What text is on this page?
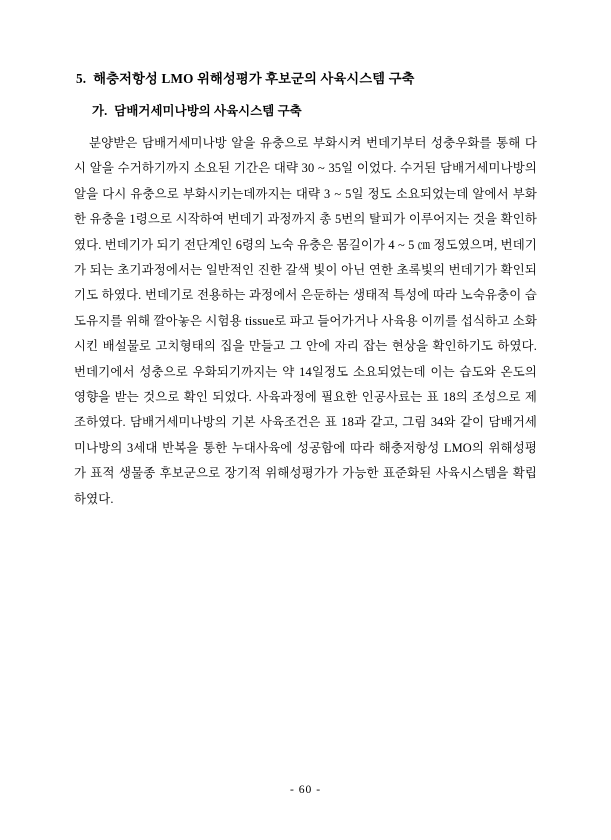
5. 해충저항성 LMO 위해성평가 후보군의 사육시스템 구축
가. 담배거세미나방의 사육시스템 구축

분양받은 담배거세미나방 알을 유충으로 부화시켜 번데기부터 성충우화를 통해 다시 알을 수거하기까지 소요된 기간은 대략 30 ~ 35일 이었다. 수거된 담배거세미나방의 알을 다시 유충으로 부화시키는데까지는 대략 3 ~ 5일 정도 소요되었는데 알에서 부화한 유충을 1령으로 시작하여 번데기 과정까지 총 5번의 탈피가 이루어지는 것을 확인하였다. 번데기가 되기 전단계인 6령의 노숙 유충은 몸길이가 4 ~ 5 ㎝ 정도였으며, 번데기가 되는 초기과정에서는 일반적인 진한 갈색 빛이 아닌 연한 초록빛의 번데기가 확인되기도 하였다. 번데기로 전용하는 과정에서 은둔하는 생태적 특성에 따라 노숙유충이 습도유지를 위해 깔아놓은 시험용 tissue로 파고 들어가거나 사육용 이끼를 섭식하고 소화시킨 배설물로 고치형태의 집을 만들고 그 안에 자리 잡는 현상을 확인하기도 하였다. 번데기에서 성충으로 우화되기까지는 약 14일정도 소요되었는데 이는 습도와 온도의 영향을 받는 것으로 확인 되었다. 사육과정에 필요한 인공사료는 표 18의 조성으로 제조하였다. 담배거세미나방의 기본 사육조건은 표 18과 같고, 그림 34와 같이 담배거세미나방의 3세대 반복을 통한 누대사육에 성공함에 따라 해충저항성 LMO의 위해성평가 표적 생물종 후보군으로 장기적 위해성평가가 가능한 표준화된 사육시스템을 확립 하였다.

- 60 -
